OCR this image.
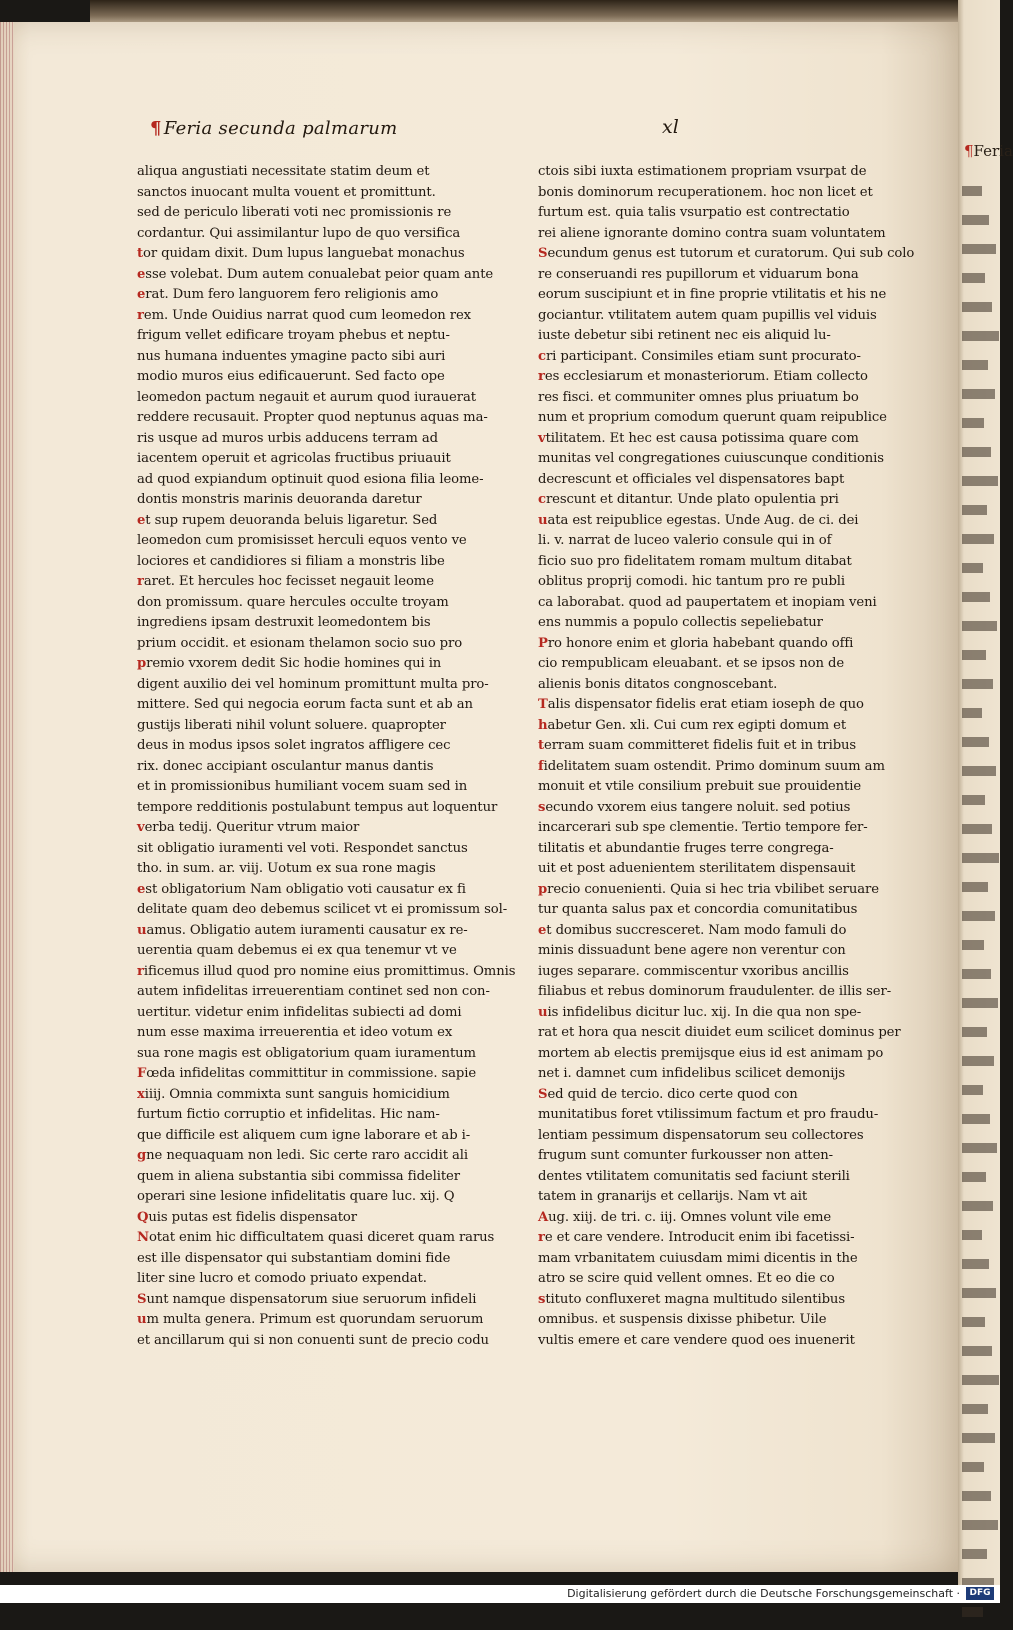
¶Feria
¶ Feria secunda palmarum	xl
aliqua angustiati necessitate statim deum et
sanctos inuocant multa vouent et promittunt.
sed de periculo liberati voti nec promissionis re
cordantur. Qui assimilantur lupo de quo versifica
tor quidam dixit. Dum lupus languebat monachus
esse volebat. Dum autem conualebat peior quam ante
erat. Dum fero languorem fero religionis amo
rem. Unde Ouidius narrat quod cum leomedon rex
frigum vellet edificare troyam phebus et neptu-
nus humana induentes ymagine pacto sibi auri
modio muros eius edificauerunt. Sed facto ope
leomedon pactum negauit et aurum quod iurauerat
reddere recusauit. Propter quod neptunus aquas ma-
ris usque ad muros urbis adducens terram ad
iacentem operuit et agricolas fructibus priuauit
ad quod expiandum optinuit quod esiona filia leome-
dontis monstris marinis deuoranda daretur
et sup rupem deuoranda beluis ligaretur. Sed
leomedon cum promisisset herculi equos vento ve
lociores et candidiores si filiam a monstris libe
raret. Et hercules hoc fecisset negauit leome
don promissum. quare hercules occulte troyam
ingrediens ipsam destruxit leomedontem bis
prium occidit. et esionam thelamon socio suo pro
premio vxorem dedit Sic hodie homines qui in
digent auxilio dei vel hominum promittunt multa pro-
mittere. Sed qui negocia eorum facta sunt et ab an
gustijs liberati nihil volunt soluere. quapropter
deus in modus ipsos solet ingratos affligere cec
rix. donec accipiant osculantur manus dantis
et in promissionibus humiliant vocem suam sed in
tempore redditionis postulabunt tempus aut loquentur
verba tedij. Queritur vtrum maior
sit obligatio iuramenti vel voti. Respondet sanctus
tho. in sum. ar. viij. Uotum ex sua rone magis
est obligatorium Nam obligatio voti causatur ex fi
delitate quam deo debemus scilicet vt ei promissum sol-
uamus. Obligatio autem iuramenti causatur ex re-
uerentia quam debemus ei ex qua tenemur vt ve
rificemus illud quod pro nomine eius promittimus. Omnis
autem infidelitas irreuerentiam continet sed non con-
uertitur. videtur enim infidelitas subiecti ad domi
num esse maxima irreuerentia et ideo votum ex
sua rone magis est obligatorium quam iuramentum
Fœda infidelitas committitur in commissione. sapie
xiiij. Omnia commixta sunt sanguis homicidium
furtum fictio corruptio et infidelitas. Hic nam-
que difficile est aliquem cum igne laborare et ab i-
gne nequaquam non ledi. Sic certe raro accidit ali
quem in aliena substantia sibi commissa fideliter
operari sine lesione infidelitatis quare luc. xij. Q
Quis putas est fidelis dispensator
Notat enim hic difficultatem quasi diceret quam rarus
est ille dispensator qui substantiam domini fide
liter sine lucro et comodo priuato expendat.
Sunt namque dispensatorum siue seruorum infideli
um multa genera. Primum est quorundam seruorum
et ancillarum qui si non conuenti sunt de precio codu
ctois sibi iuxta estimationem propriam vsurpat de
bonis dominorum recuperationem. hoc non licet et
furtum est. quia talis vsurpatio est contrectatio
rei aliene ignorante domino contra suam voluntatem
Secundum genus est tutorum et curatorum. Qui sub colo
re conseruandi res pupillorum et viduarum bona
eorum suscipiunt et in fine proprie vtilitatis et his ne
gociantur. vtilitatem autem quam pupillis vel viduis
iuste debetur sibi retinent nec eis aliquid lu-
cri participant. Consimiles etiam sunt procurato-
res ecclesiarum et monasteriorum. Etiam collecto
res fisci. et communiter omnes plus priuatum bo
num et proprium comodum querunt quam reipublice
vtilitatem. Et hec est causa potissima quare com
munitas vel congregationes cuiuscunque conditionis
decrescunt et officiales vel dispensatores bapt
crescunt et ditantur. Unde plato opulentia pri
uata est reipublice egestas. Unde Aug. de ci. dei
li. v. narrat de luceo valerio consule qui in of
ficio suo pro fidelitatem romam multum ditabat
oblitus proprij comodi. hic tantum pro re publi
ca laborabat. quod ad paupertatem et inopiam veni
ens nummis a populo collectis sepeliebatur
Pro honore enim et gloria habebant quando offi
cio rempublicam eleuabant. et se ipsos non de
alienis bonis ditatos congnoscebant.
Talis dispensator fidelis erat etiam ioseph de quo
habetur Gen. xli. Cui cum rex egipti domum et
terram suam committeret fidelis fuit et in tribus
fidelitatem suam ostendit. Primo dominum suum am
monuit et vtile consilium prebuit sue prouidentie
secundo vxorem eius tangere noluit. sed potius
incarcerari sub spe clementie. Tertio tempore fer-
tilitatis et abundantie fruges terre congrega-
uit et post aduenientem sterilitatem dispensauit
precio conuenienti. Quia si hec tria vbilibet seruare
tur quanta salus pax et concordia comunitatibus
et domibus succresceret. Nam modo famuli do
minis dissuadunt bene agere non verentur con
iuges separare. commiscentur vxoribus ancillis
filiabus et rebus dominorum fraudulenter. de illis ser-
uis infidelibus dicitur luc. xij. In die qua non spe-
rat et hora qua nescit diuidet eum scilicet dominus per
mortem ab electis premijsque eius id est animam po
net i. damnet cum infidelibus scilicet demonijs
Sed quid de tercio. dico certe quod con
munitatibus foret vtilissimum factum et pro fraudu-
lentiam pessimum dispensatorum seu collectores
frugum sunt comunter furkousser non atten-
dentes vtilitatem comunitatis sed faciunt sterili
tatem in granarijs et cellarijs. Nam vt ait
Aug. xiij. de tri. c. iij. Omnes volunt vile eme
re et care vendere. Introducit enim ibi facetissi-
mam vrbanitatem cuiusdam mimi dicentis in the
atro se scire quid vellent omnes. Et eo die co
stituto confluxeret magna multitudo silentibus
omnibus. et suspensis dixisse phibetur. Uile
vultis emere et care vendere quod oes inuenerit
Digitalisierung gefördert durch die Deutsche Forschungsgemeinschaft ·	DFG
